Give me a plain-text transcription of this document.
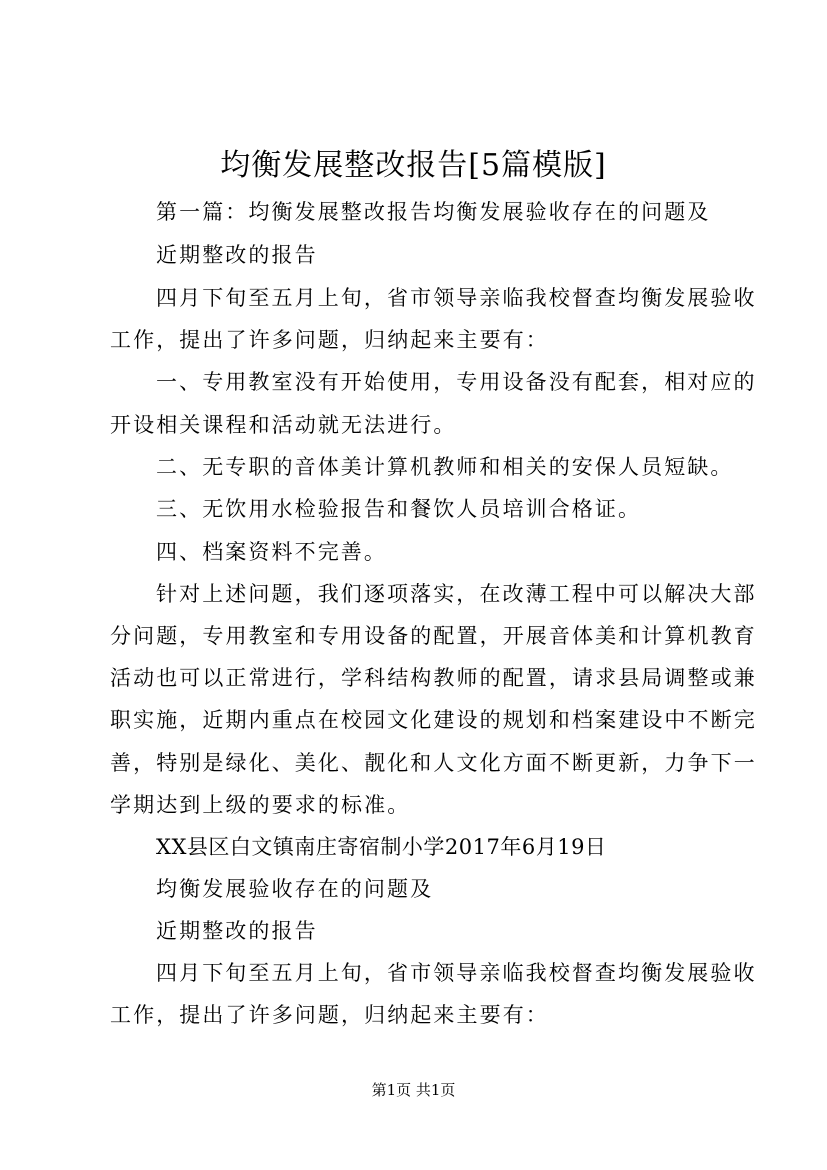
均衡发展整改报告[5篇模版]
第一篇：均衡发展整改报告均衡发展验收存在的问题及
近期整改的报告
四月下旬至五月上旬，省市领导亲临我校督查均衡发展验收
工作，提出了许多问题，归纳起来主要有：
一、专用教室没有开始使用，专用设备没有配套，相对应的
开设相关课程和活动就无法进行。
二、无专职的音体美计算机教师和相关的安保人员短缺。
三、无饮用水检验报告和餐饮人员培训合格证。
四、档案资料不完善。
针对上述问题，我们逐项落实，在改薄工程中可以解决大部
分问题，专用教室和专用设备的配置，开展音体美和计算机教育
活动也可以正常进行，学科结构教师的配置，请求县局调整或兼
职实施，近期内重点在校园文化建设的规划和档案建设中不断完
善，特别是绿化、美化、靓化和人文化方面不断更新，力争下一
学期达到上级的要求的标准。
XX县区白文镇南庄寄宿制小学2017年6月19日
均衡发展验收存在的问题及
近期整改的报告
四月下旬至五月上旬，省市领导亲临我校督查均衡发展验收
工作，提出了许多问题，归纳起来主要有：
第1页 共1页
